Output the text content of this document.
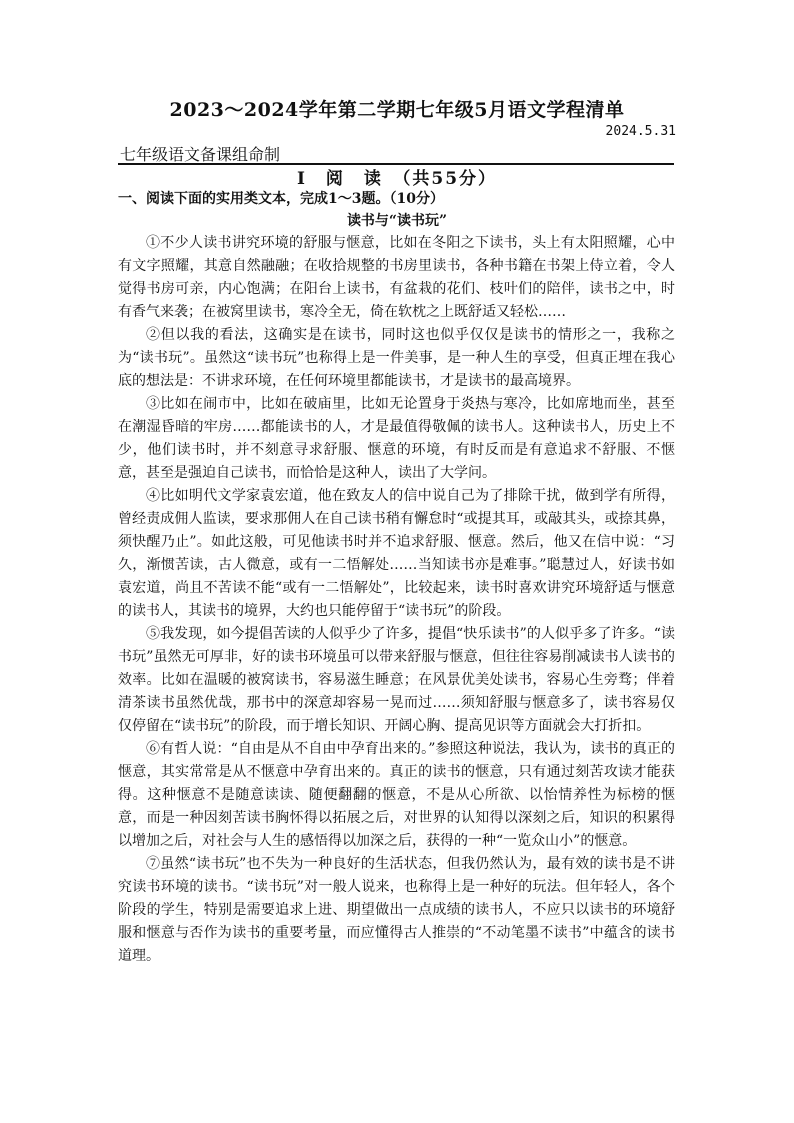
2023～2024学年第二学期七年级5月语文学程清单
2024.5.31
七年级语文备课组命制
I　阅　读　（共55分）
一、阅读下面的实用类文本，完成1～3题。（10分）
读书与“读书玩”

①不少人读书讲究环境的舒服与惬意，比如在冬阳之下读书，头上有太阳照耀，心中有文字照耀，其意自然融融；在收拾规整的书房里读书，各种书籍在书架上侍立着，令人觉得书房可亲，内心饱满；在阳台上读书，有盆栽的花们、枝叶们的陪伴，读书之中，时有香气来袭；在被窝里读书，寒冷全无，倚在软枕之上既舒适又轻松……

②但以我的看法，这确实是在读书，同时这也似乎仅仅是读书的情形之一，我称之为“读书玩”。虽然这“读书玩”也称得上是一件美事，是一种人生的享受，但真正埋在我心底的想法是：不讲求环境，在任何环境里都能读书，才是读书的最高境界。

③比如在闹市中，比如在破庙里，比如无论置身于炎热与寒冷，比如席地而坐，甚至在潮湿昏暗的牢房……都能读书的人，才是最值得敬佩的读书人。这种读书人，历史上不少，他们读书时，并不刻意寻求舒服、惬意的环境，有时反而是有意追求不舒服、不惬意，甚至是强迫自己读书，而恰恰是这种人，读出了大学问。

④比如明代文学家袁宏道，他在致友人的信中说自己为了排除干扰，做到学有所得，曾经责成佣人监读，要求那佣人在自己读书稍有懈怠时“或提其耳，或敲其头，或捺其鼻，须快醒乃止”。如此这般，可见他读书时并不追求舒服、惬意。然后，他又在信中说：“习久，渐惯苦读，古人微意，或有一二悟解处……当知读书亦是难事。”聪慧过人，好读书如袁宏道，尚且不苦读不能“或有一二悟解处”，比较起来，读书时喜欢讲究环境舒适与惬意的读书人，其读书的境界，大约也只能停留于“读书玩”的阶段。

⑤我发现，如今提倡苦读的人似乎少了许多，提倡“快乐读书”的人似乎多了许多。“读书玩”虽然无可厚非，好的读书环境虽可以带来舒服与惬意，但往往容易削减读书人读书的效率。比如在温暖的被窝读书，容易滋生睡意；在风景优美处读书，容易心生旁骛；伴着清茶读书虽然优哉，那书中的深意却容易一晃而过……须知舒服与惬意多了，读书容易仅仅停留在“读书玩”的阶段，而于增长知识、开阔心胸、提高见识等方面就会大打折扣。

⑥有哲人说：“自由是从不自由中孕育出来的。”参照这种说法，我认为，读书的真正的惬意，其实常常是从不惬意中孕育出来的。真正的读书的惬意，只有通过刻苦攻读才能获得。这种惬意不是随意读读、随便翻翻的惬意，不是从心所欲、以怡情养性为标榜的惬意，而是一种因刻苦读书胸怀得以拓展之后，对世界的认知得以深刻之后，知识的积累得以增加之后，对社会与人生的感悟得以加深之后，获得的一种“一览众山小”的惬意。

⑦虽然“读书玩”也不失为一种良好的生活状态，但我仍然认为，最有效的读书是不讲究读书环境的读书。“读书玩”对一般人说来，也称得上是一种好的玩法。但年轻人，各个阶段的学生，特别是需要追求上进、期望做出一点成绩的读书人，不应只以读书的环境舒服和惬意与否作为读书的重要考量，而应懂得古人推崇的“不动笔墨不读书”中蕴含的读书道理。
